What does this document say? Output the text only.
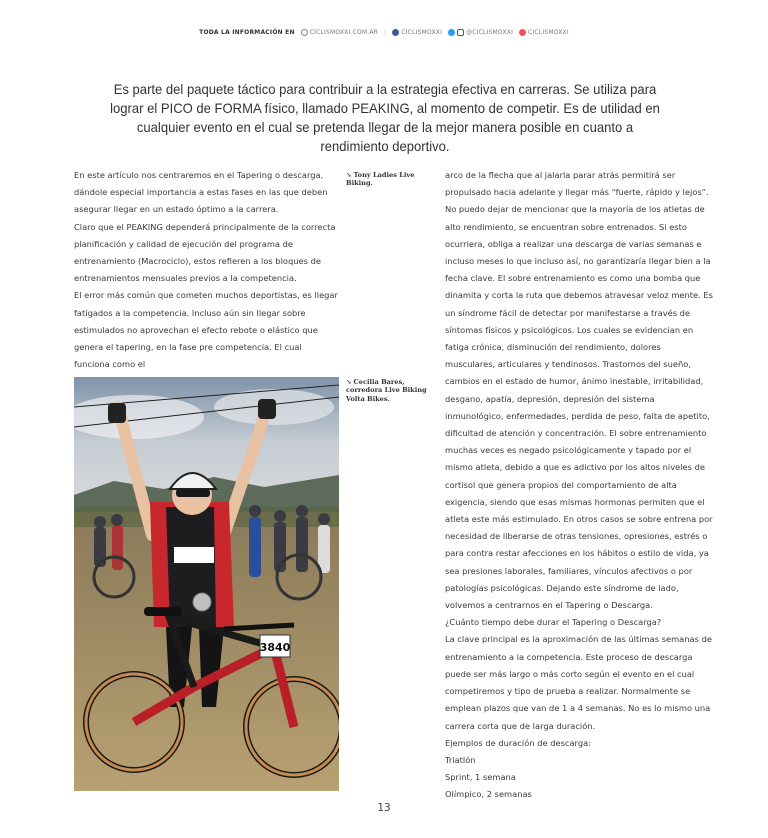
TODA LA INFORMACIÓN EN	CICLISMOXXI.COM.AR |	CICLISMOXXI	@CICLISMOXXI	CICLISMOXXI
Es parte del paquete táctico para contribuir a la estrategia efectiva en carreras. Se utiliza para lograr el PICO de FORMA físico, llamado PEAKING, al momento de competir. Es de utilidad en cualquier evento en el cual se pretenda llegar de la mejor manera posible en cuanto a rendimiento deportivo.

En este artículo nos centraremos en el Tapering o descarga, dándole especial importancia a estas fases en las que deben asegurar llegar en un estado óptimo a la carrera.

Claro que el PEAKING dependerá principalmente de la correcta planificación y calidad de ejecución del programa de entrenamiento (Macrociclo), estos refieren a los bloques de entrenamientos mensuales previos a la competencia.

El error más común que cometen muchos deportistas, es llegar fatigados a la competencia. Incluso aún sin llegar sobre estimulados no aprovechan el efecto rebote o elástico que genera el tapering, en la fase pre competencia. El cual funciona como el

↘ Tony Ladies Live Biking.
↘ Cecilia Bares, corredora Live Biking Volta Bikes.
3840

arco de la flecha que al jalarla parar atrás permitirá ser propulsado hacia adelante y llegar más “fuerte, rápido y lejos”.

No puedo dejar de mencionar que la mayoría de los atletas de alto rendimiento, se encuentran sobre entrenados. Si esto ocurriera, obliga a realizar una descarga de varias semanas e incluso meses lo que incluso así, no garantizaría llegar bien a la fecha clave. El sobre entrenamiento es como una bomba que dinamita y corta la ruta que debemos atravesar veloz mente. Es un síndrome fácil de detectar por manifestarse a través de síntomas físicos y psicológicos. Los cuales se evidencian en fatiga crónica, disminución del rendimiento, dolores musculares, articulares y tendinosos. Trastornos del sueño, cambios en el estado de humor, ánimo inestable, irritabilidad, desgano, apatía, depresión, depresión del sistema inmunológico, enfermedades, perdida de peso, falta de apetito, dificultad de atención y concentración. El sobre entrenamiento muchas veces es negado psicológicamente y tapado por el mismo atleta, debido a que es adictivo por los altos niveles de cortisol que genera propios del comportamiento de alta exigencia, siendo que esas mismas hormonas permiten que el atleta este más estimulado. En otros casos se sobre entrena por necesidad de liberarse de otras tensiones, opresiones, estrés o para contra restar afecciones en los hábitos o estilo de vida, ya sea presiones laborales, familiares, vínculos afectivos o por patologías psicológicas. Dejando este síndrome de lado, volvemos a centrarnos en el Tapering o Descarga.

¿Cuánto tiempo debe durar el Tapering o Descarga?

La clave principal es la aproximación de las últimas semanas de entrenamiento a la competencia. Este proceso de descarga puede ser más largo o más corto según el evento en el cual competiremos y tipo de prueba a realizar. Normalmente se emplean plazos que van de 1 a 4 semanas. No es lo mismo una carrera corta que de larga duración.

Ejemplos de duración de descarga:

Triatlón

Sprint, 1 semana

Olímpico, 2 semanas

13
